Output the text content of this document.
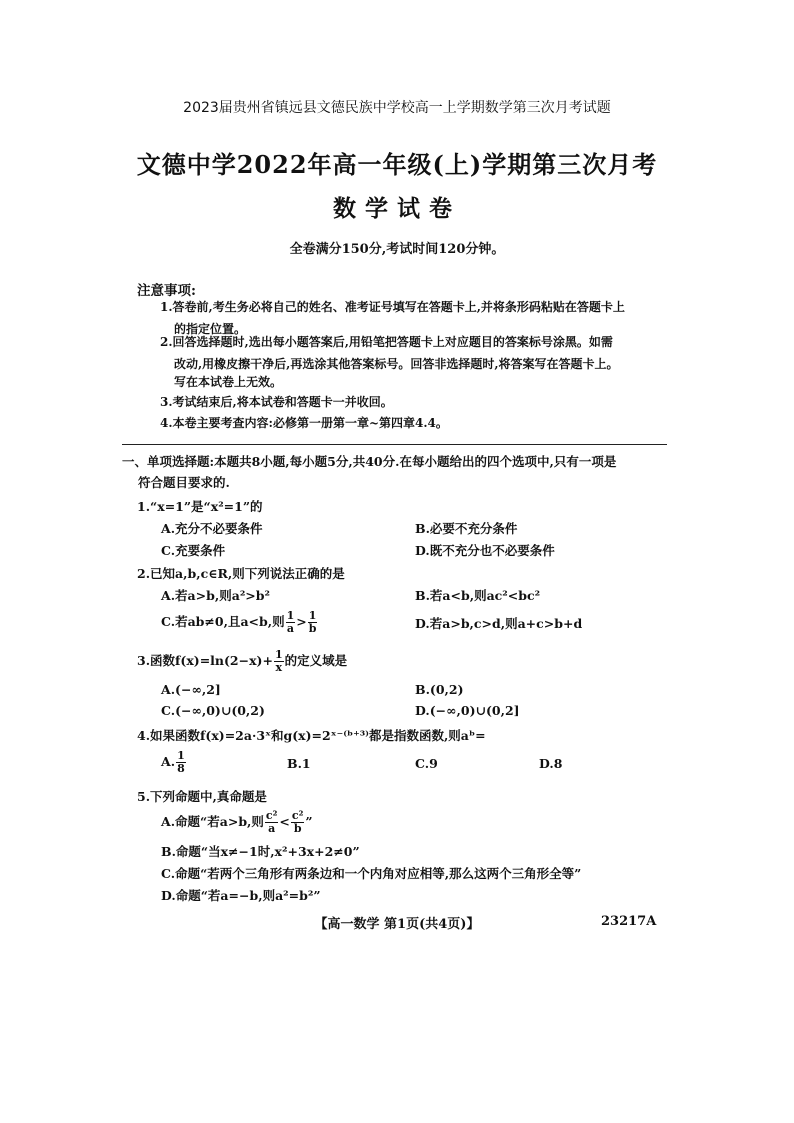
2023届贵州省镇远县文德民族中学校高一上学期数学第三次月考试题
文德中学2022年高一年级(上)学期第三次月考
数学试卷
全卷满分150分,考试时间120分钟。
注意事项:
1.答卷前,考生务必将自己的姓名、准考证号填写在答题卡上,并将条形码粘贴在答题卡上
的指定位置。
2.回答选择题时,选出每小题答案后,用铅笔把答题卡上对应题目的答案标号涂黑。如需
改动,用橡皮擦干净后,再选涂其他答案标号。回答非选择题时,将答案写在答题卡上。
写在本试卷上无效。
3.考试结束后,将本试卷和答题卡一并收回。
4.本卷主要考查内容:必修第一册第一章~第四章4.4。
一、单项选择题:本题共8小题,每小题5分,共40分.在每小题给出的四个选项中,只有一项是
符合题目要求的.
1.“x=1”是“x²=1”的
A.充分不必要条件	B.必要不充分条件
C.充要条件	D.既不充分也不必要条件
2.已知a,b,c∈R,则下列说法正确的是
A.若a>b,则a²>b²	B.若a<b,则ac²<bc²
C.若ab≠0,且a<b,则 $\frac{1}{a} > \frac{1}{b}$	D.若a>b,c>d,则a+c>b+d
3.函数$f(x)=\ln(2-x)+ \frac{1}{x}$ 的定义域是
A.(−∞,2]	B.(0,2)
C.(−∞,0)∪(0,2)	D.(−∞,0)∪(0,2]
4.如果函数f(x)=2a·3ˣ和g(x)=2ˣ⁻⁽ᵇ⁺³⁾都是指数函数,则aᵇ=
A. $\frac{1}{8}$	B.1	C.9	D.8
5.下列命题中,真命题是
A.命题“若a>b,则 $\frac{\text{c²}}{a} < \frac{\text{c²}}{b}$ ”
B.命题“当x≠−1时,x²+3x+2≠0”
C.命题“若两个三角形有两条边和一个内角对应相等,那么这两个三角形全等”
D.命题“若a=−b,则a²=b²”
【高一数学 第1页(共4页)】	23217A
